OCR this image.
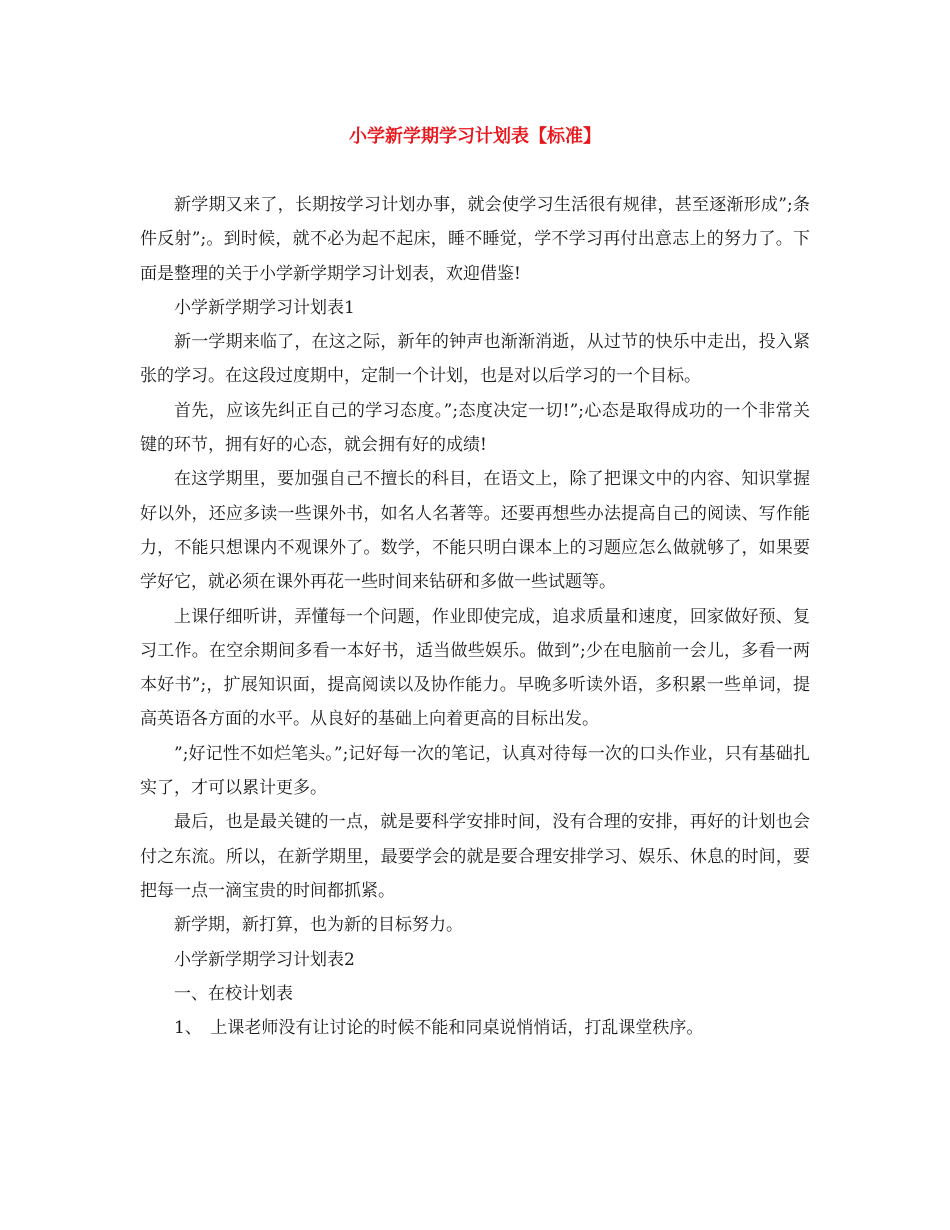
小学新学期学习计划表【标准】

新学期又来了，长期按学习计划办事，就会使学习生活很有规律，甚至逐渐形成”;条件反射”;。到时候，就不必为起不起床，睡不睡觉，学不学习再付出意志上的努力了。下面是整理的关于小学新学期学习计划表，欢迎借鉴!

小学新学期学习计划表1

新一学期来临了，在这之际，新年的钟声也渐渐消逝，从过节的快乐中走出，投入紧张的学习。在这段过度期中，定制一个计划，也是对以后学习的一个目标。

首先，应该先纠正自己的学习态度。”;态度决定一切!”;心态是取得成功的一个非常关键的环节，拥有好的心态，就会拥有好的成绩!

在这学期里，要加强自己不擅长的科目，在语文上，除了把课文中的内容、知识掌握好以外，还应多读一些课外书，如名人名著等。还要再想些办法提高自己的阅读、写作能力，不能只想课内不观课外了。数学，不能只明白课本上的习题应怎么做就够了，如果要学好它，就必须在课外再花一些时间来钻研和多做一些试题等。

上课仔细听讲，弄懂每一个问题，作业即使完成，追求质量和速度，回家做好预、复习工作。在空余期间多看一本好书，适当做些娱乐。做到”;少在电脑前一会儿，多看一两本好书”;，扩展知识面，提高阅读以及协作能力。早晚多听读外语，多积累一些单词，提高英语各方面的水平。从良好的基础上向着更高的目标出发。

”;好记性不如烂笔头。”;记好每一次的笔记，认真对待每一次的口头作业，只有基础扎实了，才可以累计更多。

最后，也是最关键的一点，就是要科学安排时间，没有合理的安排，再好的计划也会付之东流。所以，在新学期里，最要学会的就是要合理安排学习、娱乐、休息的时间，要把每一点一滴宝贵的时间都抓紧。

新学期，新打算，也为新的目标努力。

小学新学期学习计划表2

一、在校计划表

1、　上课老师没有让讨论的时候不能和同桌说悄悄话，打乱课堂秩序。
